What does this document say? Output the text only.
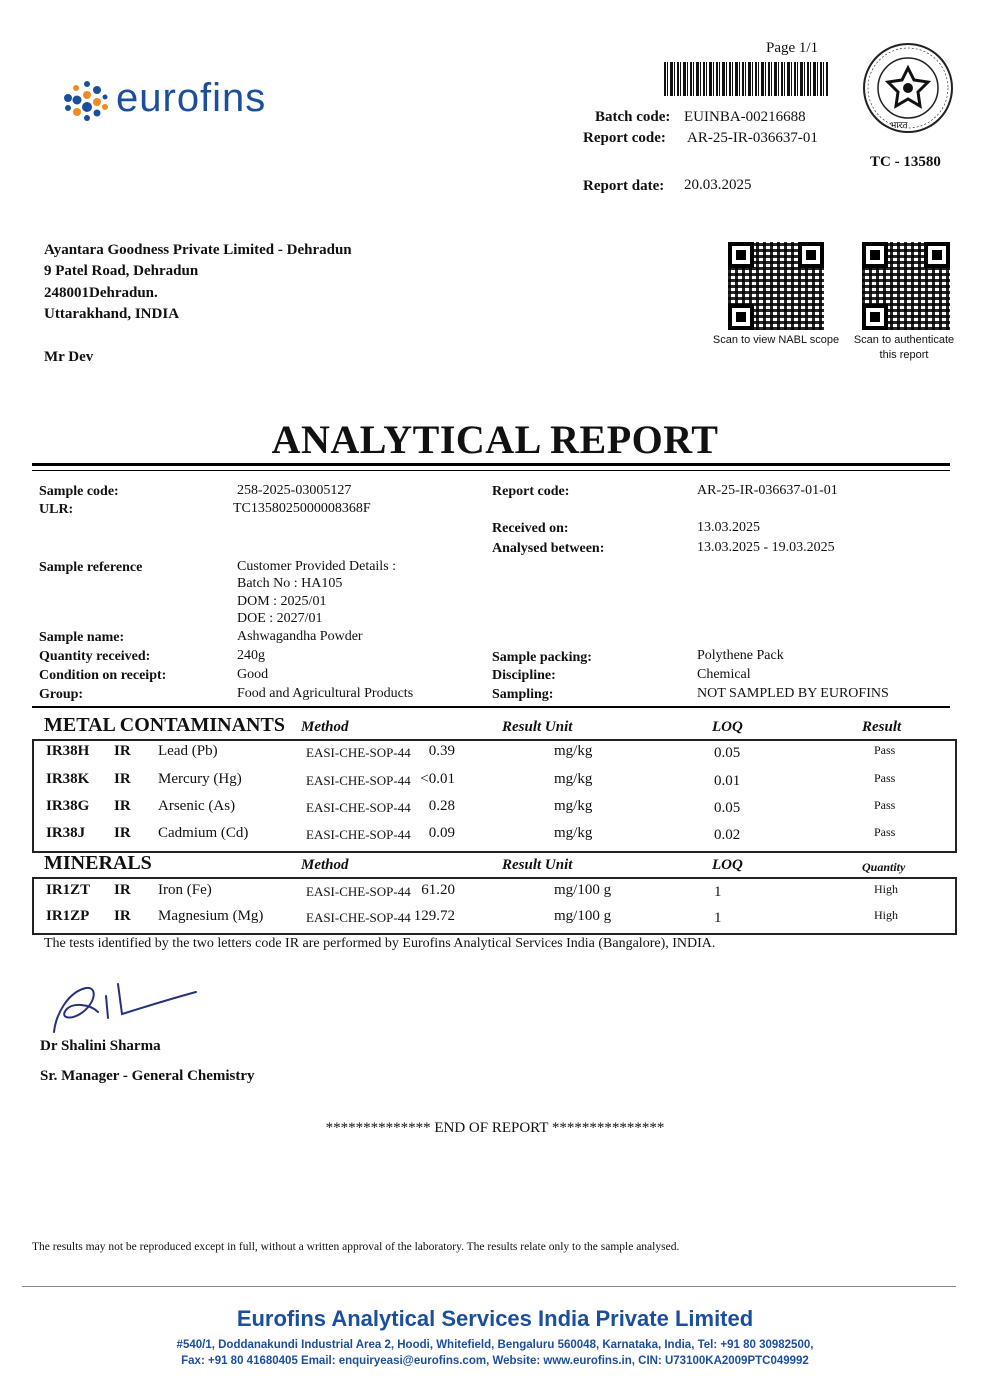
eurofins
Page 1/1
Batch code: EUINBA-00216688
Report code: AR-25-IR-036637-01
Report date: 20.03.2025
भारत
TC - 13580
Scan to view NABL scope	Scan to authenticate
this report
Ayantara Goodness Private Limited - Dehradun
9 Patel Road, Dehradun
248001Dehradun.
Uttarakhand, INDIA
Mr Dev
ANALYTICAL REPORT
Sample code:	258-2025-03005127
ULR:	TC1358025000008368F
Report code:	AR-25-IR-036637-01-01
Received on:	13.03.2025
Analysed between:	13.03.2025 - 19.03.2025
Sample reference	Customer Provided Details :
Batch No : HA105
DOM : 2025/01
DOE : 2027/01
Sample name:	Ashwagandha Powder
Quantity received:	240g
Condition on receipt:	Good
Group:	Food and Agricultural Products
Sample packing:	Polythene Pack
Discipline:	Chemical
Sampling:	NOT SAMPLED BY EUROFINS
METAL CONTAMINANTS Method	Result Unit	LOQ	Result
IR38H IR Lead (Pb)	EASI-CHE-SOP-44 0.39	mg/kg	0.05	Pass
IR38K IR Mercury (Hg)	EASI-CHE-SOP-44 <0.01	mg/kg	0.01	Pass
IR38G IR Arsenic (As)	EASI-CHE-SOP-44 0.28	mg/kg	0.05	Pass
IR38J IR Cadmium (Cd)	EASI-CHE-SOP-44 0.09	mg/kg	0.02	Pass
MINERALS	Method	Result Unit	LOQ	Quantity
IR1ZT IR Iron (Fe)	EASI-CHE-SOP-44 61.20	mg/100 g	1	High
IR1ZP IR Magnesium (Mg)	EASI-CHE-SOP-44 129.72	mg/100 g	1	High
The tests identified by the two letters code IR are performed by Eurofins Analytical Services India (Bangalore), INDIA.
Dr Shalini Sharma
Sr. Manager - General Chemistry
************** END OF REPORT ***************
The results may not be reproduced except in full, without a written approval of the laboratory. The results relate only to the sample analysed.
Eurofins Analytical Services India Private Limited
#540/1, Doddanakundi Industrial Area 2, Hoodi, Whitefield, Bengaluru 560048, Karnataka, India, Tel: +91 80 30982500,
Fax: +91 80 41680405 Email: enquiryeasi@eurofins.com, Website: www.eurofins.in, CIN: U73100KA2009PTC049992
